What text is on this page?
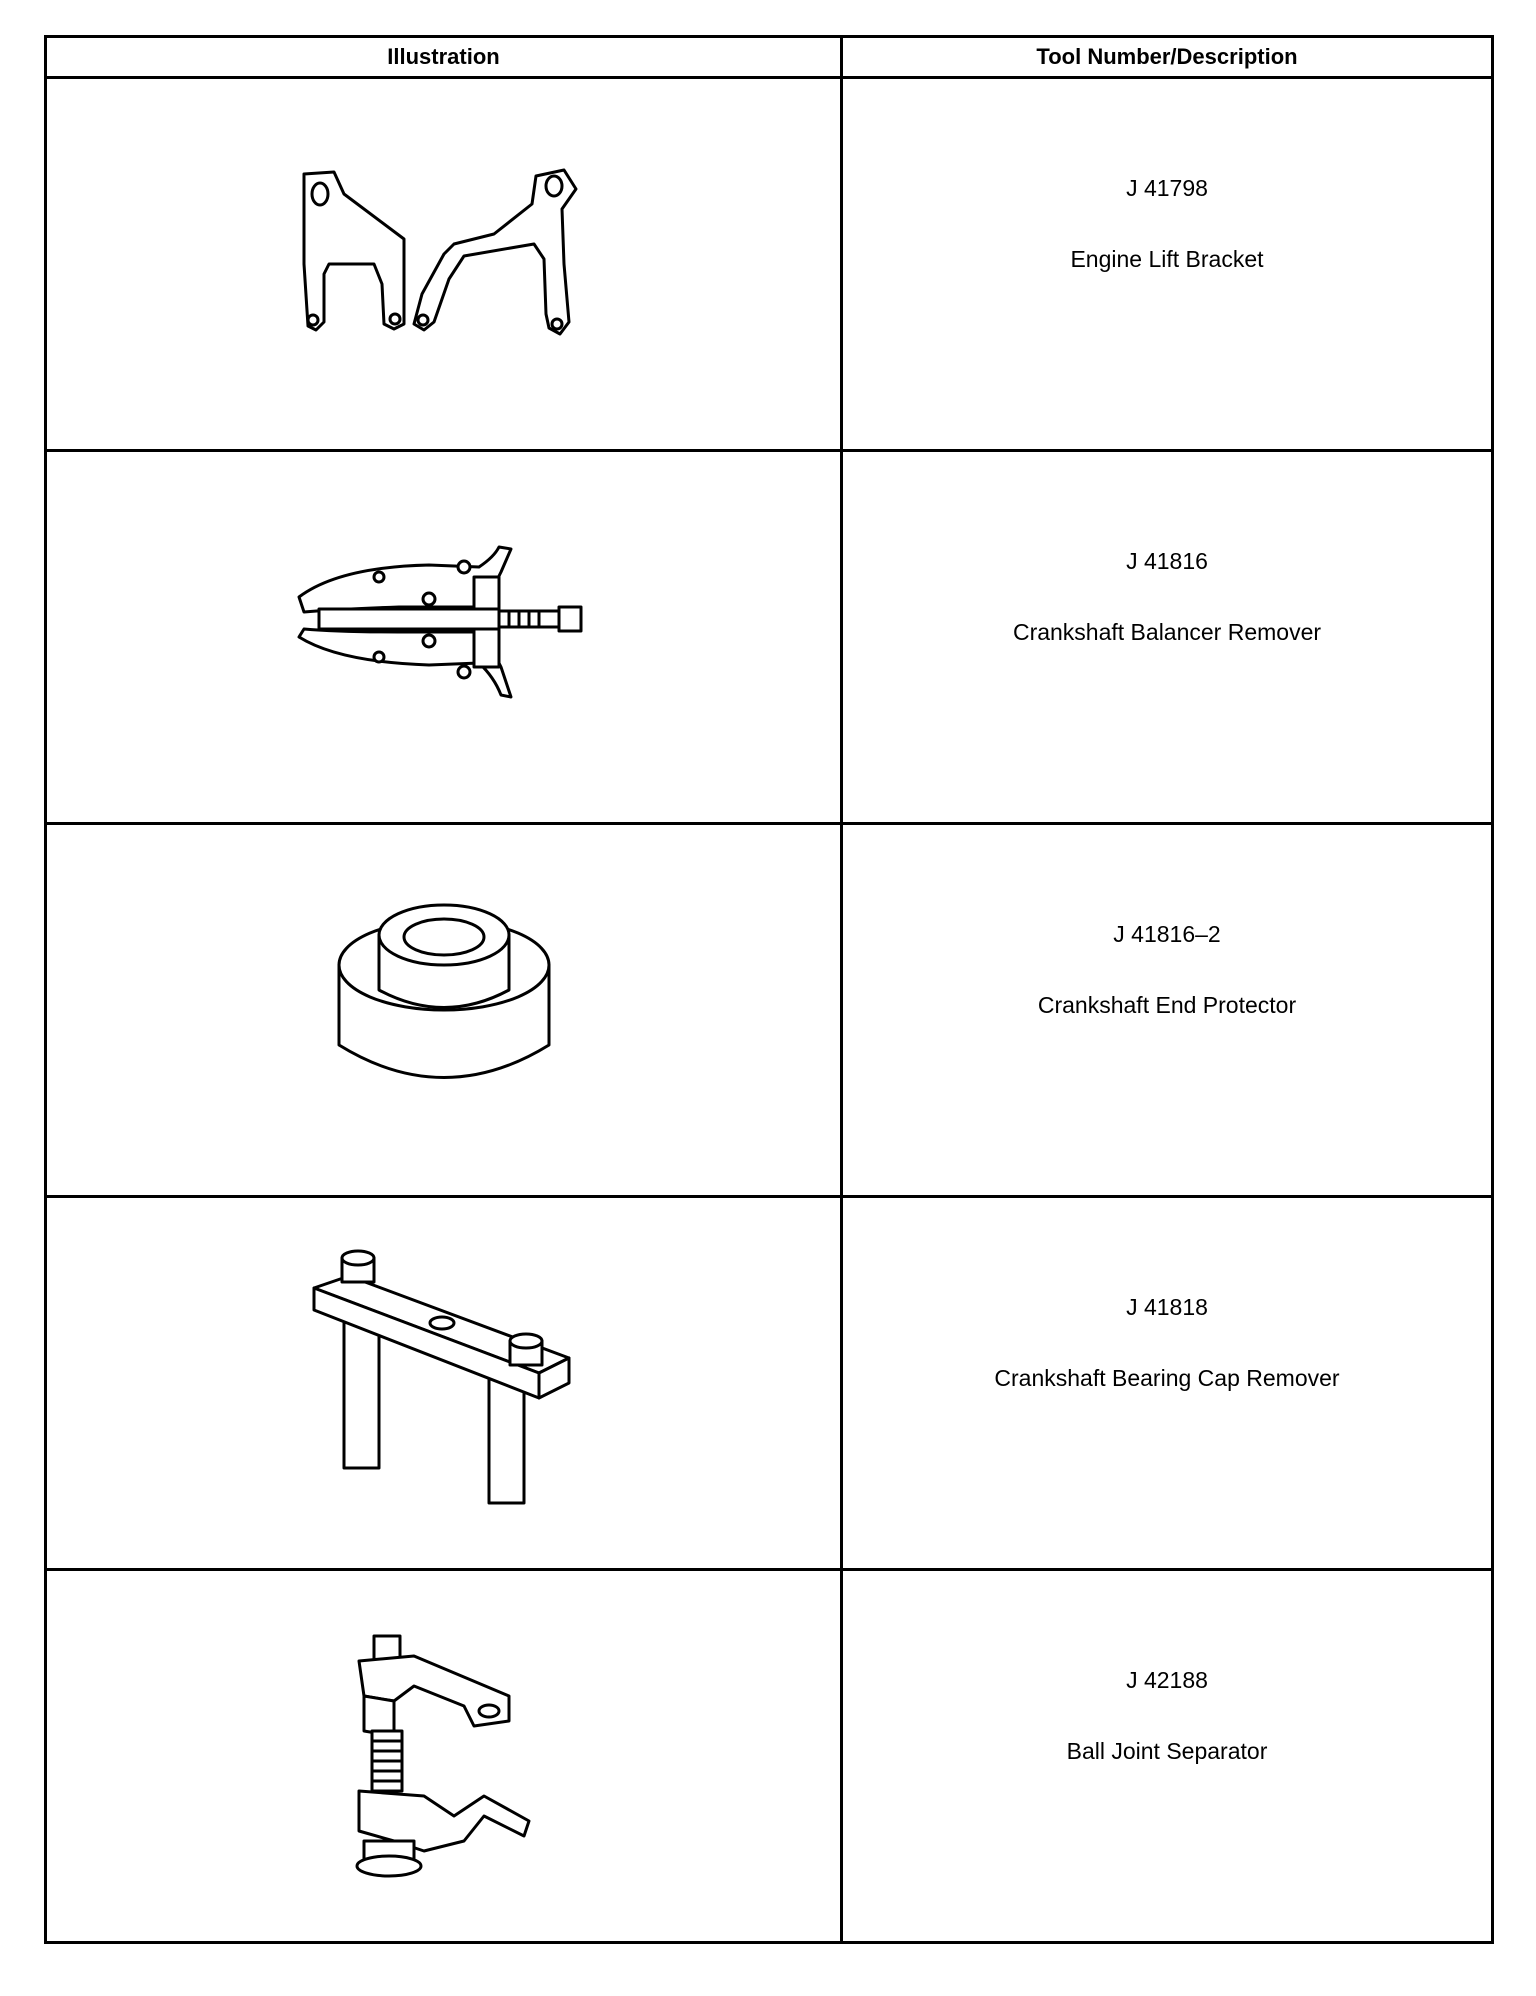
Illustration	Tool Number/Description

J 41798
Engine Lift Bracket

J 41816
Crankshaft Balancer Remover

J 41816–2
Crankshaft End Protector

J 41818
Crankshaft Bearing Cap Remover

J 42188
Ball Joint Separator
